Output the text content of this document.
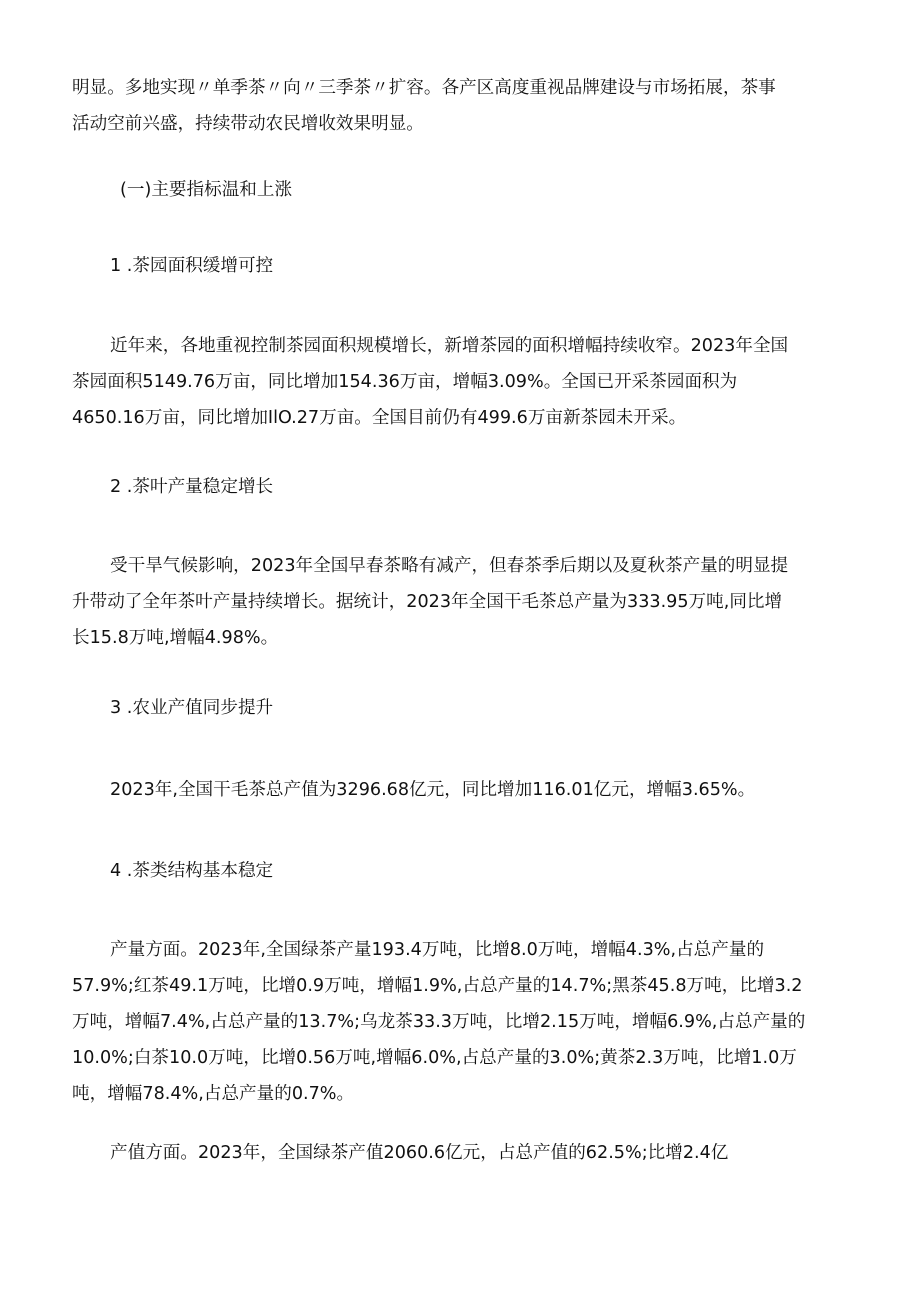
明显。多地实现〃单季茶〃向〃三季茶〃扩容。各产区高度重视品牌建设与市场拓展，茶事

活动空前兴盛，持续带动农民增收效果明显。

(一)主要指标温和上涨

1 .茶园面积缓增可控

近年来，各地重视控制茶园面积规模增长，新增茶园的面积增幅持续收窄。2023年全国

茶园面积5149.76万亩，同比增加154.36万亩，增幅3.09%。全国已开采茶园面积为

4650.16万亩，同比增加IlO.27万亩。全国目前仍有499.6万亩新茶园未开采。

2 .茶叶产量稳定增长

受干旱气候影响，2023年全国早春茶略有减产，但春茶季后期以及夏秋茶产量的明显提

升带动了全年茶叶产量持续增长。据统计，2023年全国干毛茶总产量为333.95万吨,同比增

长15.8万吨,增幅4.98%。

3 .农业产值同步提升

2023年,全国干毛茶总产值为3296.68亿元，同比增加116.01亿元，增幅3.65%。

4 .茶类结构基本稳定

产量方面。2023年,全国绿茶产量193.4万吨，比增8.0万吨，增幅4.3%,占总产量的

57.9%;红茶49.1万吨，比增0.9万吨，增幅1.9%,占总产量的14.7%;黑茶45.8万吨，比增3.2

万吨，增幅7.4%,占总产量的13.7%;乌龙茶33.3万吨，比增2.15万吨，增幅6.9%,占总产量的

10.0%;白茶10.0万吨，比增0.56万吨,增幅6.0%,占总产量的3.0%;黄茶2.3万吨，比增1.0万

吨，增幅78.4%,占总产量的0.7%。

产值方面。2023年，全国绿茶产值2060.6亿元，占总产值的62.5%;比增2.4亿
